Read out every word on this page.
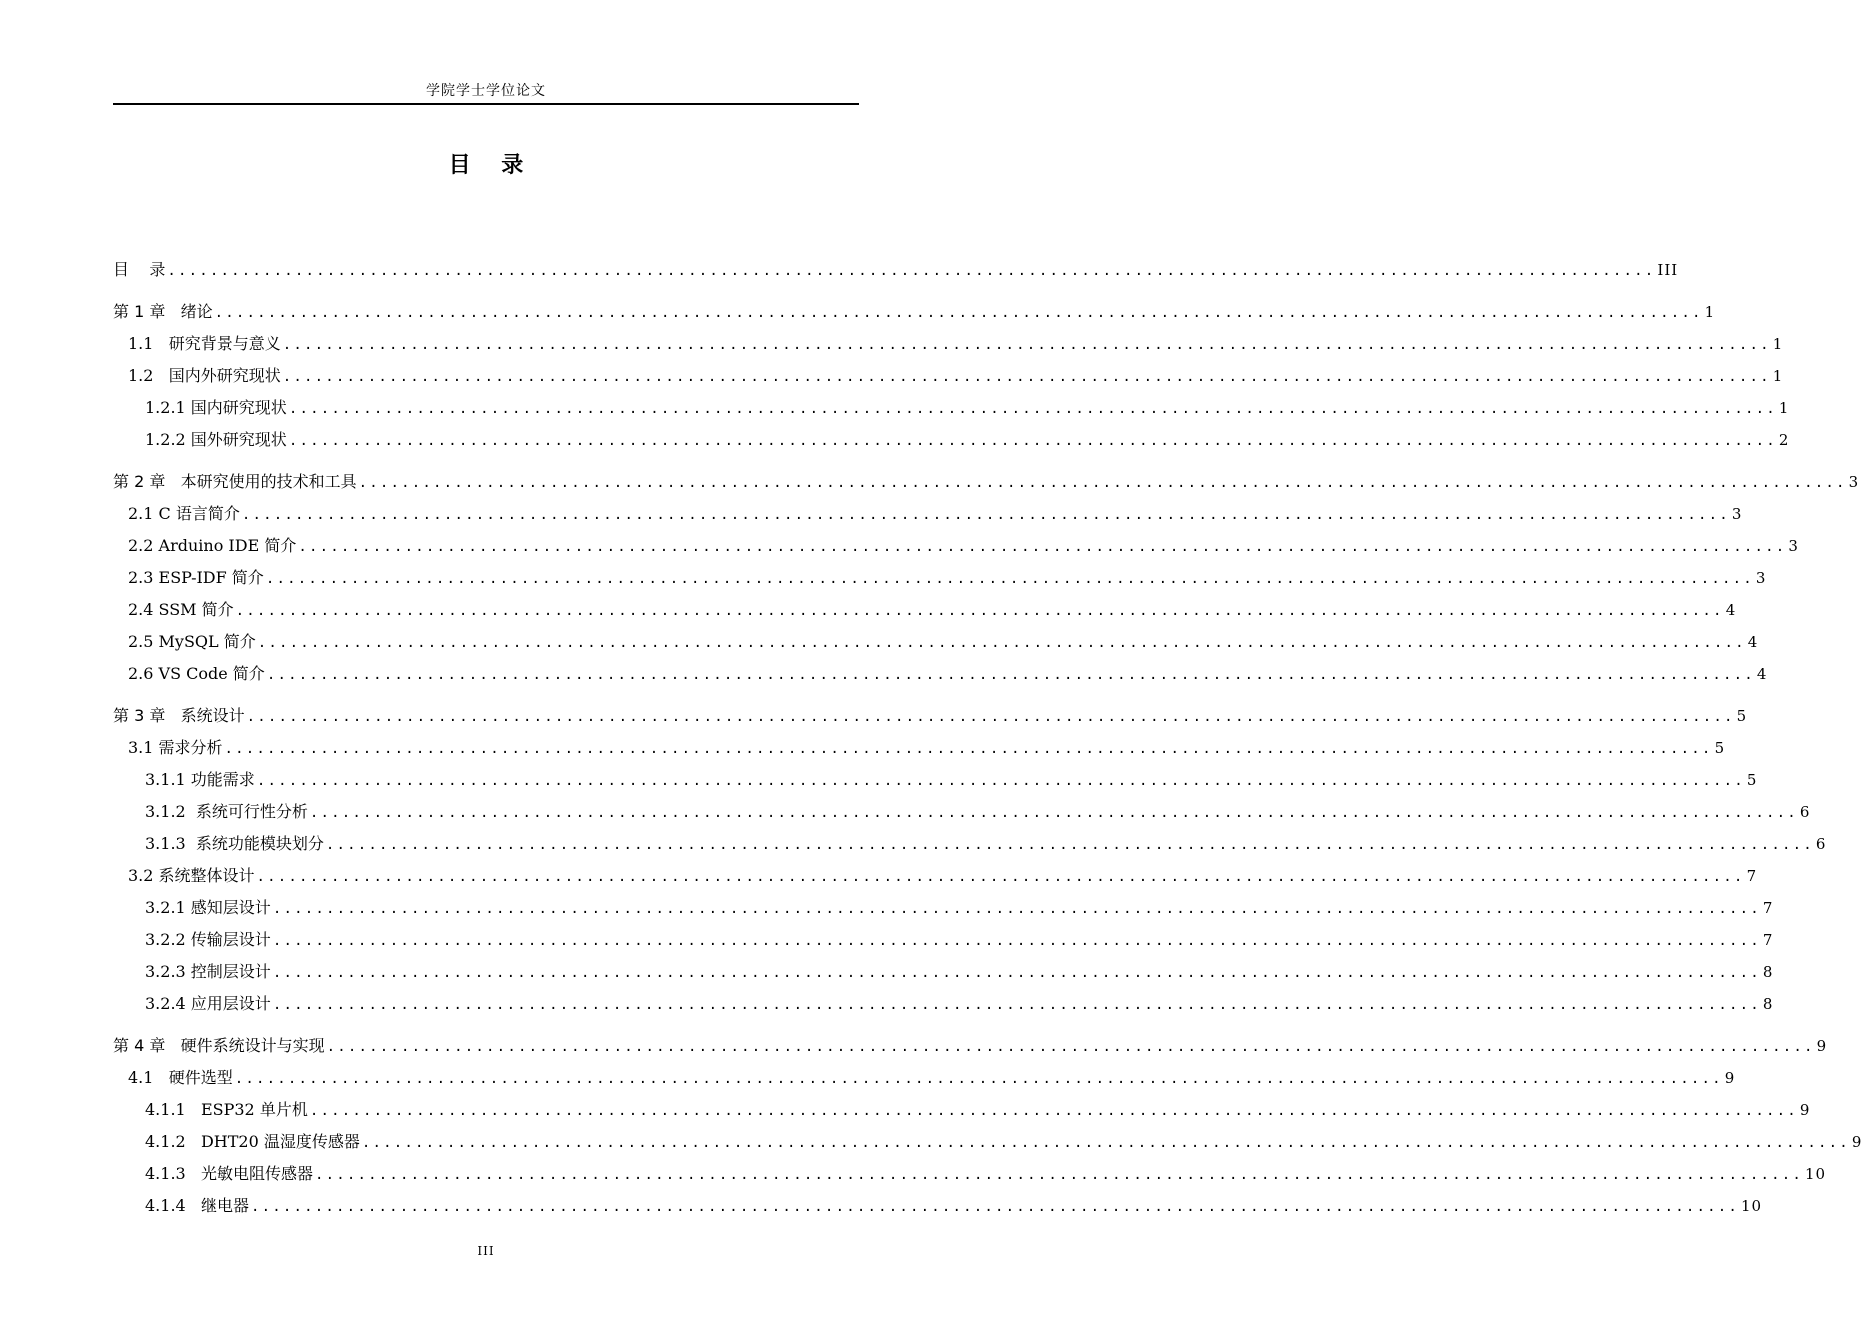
学院学士学位论文
目    录
目    录 ............................................................................................................................................ III
第 1 章   绪论 ............................................................................................................................................ 1
1.1   研究背景与意义 ............................................................................................................................................ 1
1.2   国内外研究现状 ............................................................................................................................................ 1
1.2.1 国内研究现状 ............................................................................................................................................ 1
1.2.2 国外研究现状 ............................................................................................................................................ 2
第 2 章   本研究使用的技术和工具 ............................................................................................................................................ 3
2.1 C 语言简介 ............................................................................................................................................ 3
2.2 Arduino IDE 简介 ............................................................................................................................................ 3
2.3 ESP-IDF 简介 ............................................................................................................................................ 3
2.4 SSM 简介 ............................................................................................................................................ 4
2.5 MySQL 简介 ............................................................................................................................................ 4
2.6 VS Code 简介 ............................................................................................................................................ 4
第 3 章   系统设计 ............................................................................................................................................ 5
3.1 需求分析 ............................................................................................................................................ 5
3.1.1 功能需求 ............................................................................................................................................ 5
3.1.2  系统可行性分析 ............................................................................................................................................ 6
3.1.3  系统功能模块划分 ............................................................................................................................................ 6
3.2 系统整体设计 ............................................................................................................................................ 7
3.2.1 感知层设计 ............................................................................................................................................ 7
3.2.2 传输层设计 ............................................................................................................................................ 7
3.2.3 控制层设计 ............................................................................................................................................ 8
3.2.4 应用层设计 ............................................................................................................................................ 8
第 4 章   硬件系统设计与实现 ............................................................................................................................................ 9
4.1   硬件选型 ............................................................................................................................................ 9
4.1.1   ESP32 单片机 ............................................................................................................................................ 9
4.1.2   DHT20 温湿度传感器 ............................................................................................................................................ 9
4.1.3   光敏电阻传感器 ............................................................................................................................................ 10
4.1.4   继电器 ............................................................................................................................................ 10
III
